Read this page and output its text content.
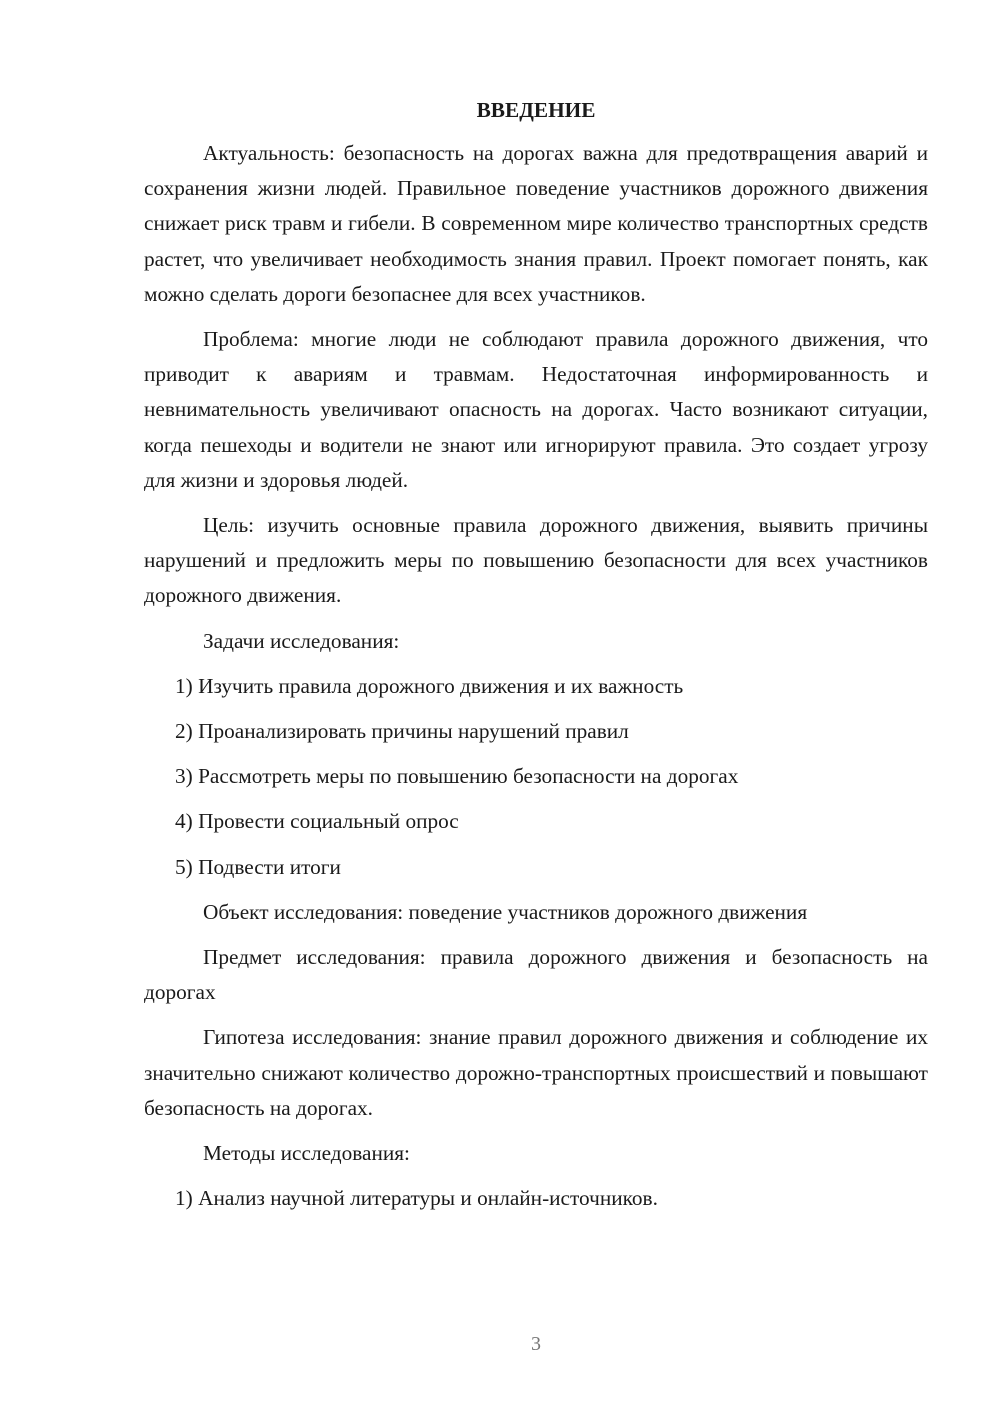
ВВЕДЕНИЕ

Актуальность: безопасность на дорогах важна для предотвращения аварий и сохранения жизни людей. Правильное поведение участников дорожного движения снижает риск травм и гибели. В современном мире количество транспортных средств растет, что увеличивает необходимость знания правил. Проект помогает понять, как можно сделать дороги безопаснее для всех участников.

Проблема: многие люди не соблюдают правила дорожного движения, что приводит к авариям и травмам. Недостаточная информированность и невнимательность увеличивают опасность на дорогах. Часто возникают ситуации, когда пешеходы и водители не знают или игнорируют правила. Это создает угрозу для жизни и здоровья людей.

Цель: изучить основные правила дорожного движения, выявить причины нарушений и предложить меры по повышению безопасности для всех участников дорожного движения.

Задачи исследования:

1) Изучить правила дорожного движения и их важность
2) Проанализировать причины нарушений правил
3) Рассмотреть меры по повышению безопасности на дорогах
4) Провести социальный опрос
5) Подвести итоги

Объект исследования: поведение участников дорожного движения

Предмет исследования: правила дорожного движения и безопасность на дорогах

Гипотеза исследования: знание правил дорожного движения и соблюдение их значительно снижают количество дорожно-транспортных происшествий и повышают безопасность на дорогах.

Методы исследования:

1) Анализ научной литературы и онлайн-источников.
3
